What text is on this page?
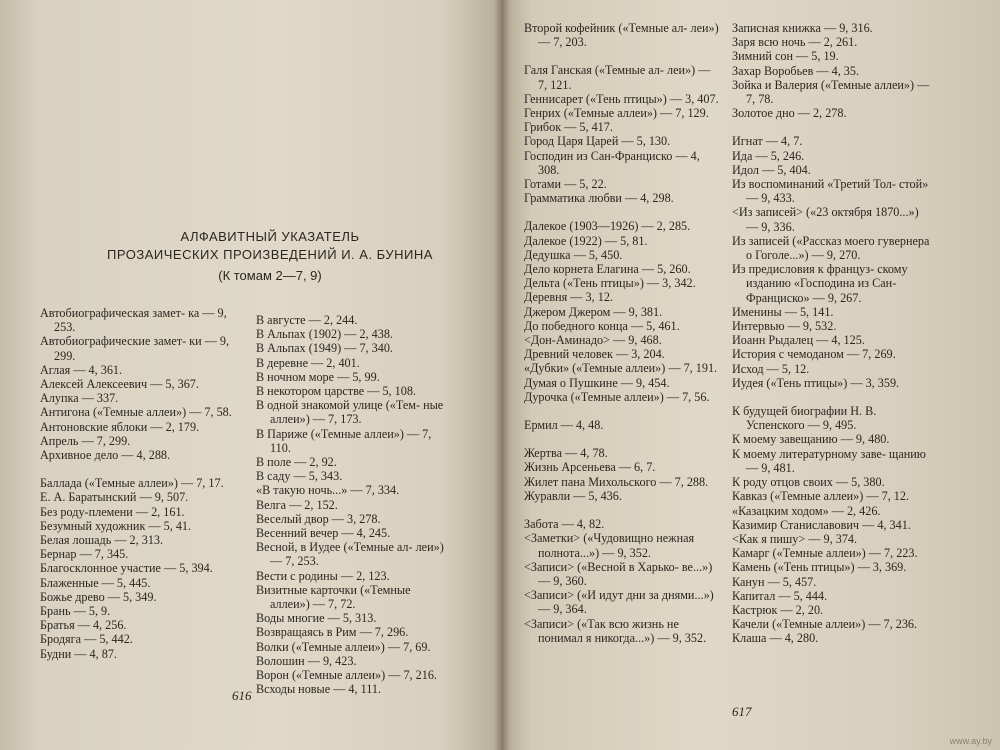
АЛФАВИТНЫЙ УКАЗАТЕЛЬ
ПРОЗАИЧЕСКИХ ПРОИЗВЕДЕНИЙ И. А. БУНИНА
(К томам 2—7, 9)
Автобиографическая замет- ка — 9, 253.
Автобиографические замет- ки — 9, 299.
Аглая — 4, 361.
Алексей Алексеевич — 5, 367.
Алупка — 337.
Антигона («Темные аллеи») — 7, 58.
Антоновские яблоки — 2, 179.
Апрель — 7, 299.
Архивное дело — 4, 288.
Баллада («Темные аллеи») — 7, 17.
Е. А. Баратынский — 9, 507.
Без роду-племени — 2, 161.
Безумный художник — 5, 41.
Белая лошадь — 2, 313.
Бернар — 7, 345.
Благосклонное участие — 5, 394.
Блаженные — 5, 445.
Божье древо — 5, 349.
Брань — 5, 9.
Братья — 4, 256.
Бродяга — 5, 442.
Будни — 4, 87.
В августе — 2, 244.
В Альпах (1902) — 2, 438.
В Альпах (1949) — 7, 340.
В деревне — 2, 401.
В ночном море — 5, 99.
В некотором царстве — 5, 108.
В одной знакомой улице («Тем- ные аллеи») — 7, 173.
В Париже («Темные аллеи») — 7, 110.
В поле — 2, 92.
В саду — 5, 343.
«В такую ночь...» — 7, 334.
Велга — 2, 152.
Веселый двор — 3, 278.
Весенний вечер — 4, 245.
Весной, в Иудее («Темные ал- леи») — 7, 253.
Вести с родины — 2, 123.
Визитные карточки («Темные аллеи») — 7, 72.
Воды многие — 5, 313.
Возвращаясь в Рим — 7, 296.
Волки («Темные аллеи») — 7, 69.
Волошин — 9, 423.
Ворон («Темные аллеи») — 7, 216.
Всходы новые — 4, 111.
616
Второй кофейник («Темные ал- леи») — 7, 203.
Галя Ганская («Темные ал- леи») — 7, 121.
Геннисарет («Тень птицы») — 3, 407.
Генрих («Темные аллеи») — 7, 129.
Грибок — 5, 417.
Город Царя Царей — 5, 130.
Господин из Сан-Франциско — 4, 308.
Готами — 5, 22.
Грамматика любви — 4, 298.
Далекое (1903—1926) — 2, 285.
Далекое (1922) — 5, 81.
Дедушка — 5, 450.
Дело корнета Елагина — 5, 260.
Дельта («Тень птицы») — 3, 342.
Деревня — 3, 12.
Джером Джером — 9, 381.
До победного конца — 5, 461.
<Дон-Аминадо> — 9, 468.
Древний человек — 3, 204.
«Дубки» («Темные аллеи») — 7, 191.
Думая о Пушкине — 9, 454.
Дурочка («Темные аллеи») — 7, 56.
Ермил — 4, 48.
Жертва — 4, 78.
Жизнь Арсеньева — 6, 7.
Жилет пана Михольского — 7, 288.
Журавли — 5, 436.
Забота — 4, 82.
<Заметки> («Чудовищно нежная полнота...») — 9, 352.
<Записи> («Весной в Харько- ве...») — 9, 360.
<Записи> («И идут дни за днями...») — 9, 364.
<Записи> («Так всю жизнь не понимал я никогда...») — 9, 352.
Записная книжка — 9, 316.
Заря всю ночь — 2, 261.
Зимний сон — 5, 19.
Захар Воробьев — 4, 35.
Зойка и Валерия («Темные аллеи») — 7, 78.
Золотое дно — 2, 278.
Игнат — 4, 7.
Ида — 5, 246.
Идол — 5, 404.
Из воспоминаний «Третий Тол- стой» — 9, 433.
<Из записей> («23 октября 1870...») — 9, 336.
Из записей («Рассказ моего гувернера о Гоголе...») — 9, 270.
Из предисловия к француз- скому изданию «Господина из Сан-Франциско» — 9, 267.
Именины — 5, 141.
Интервью — 9, 532.
Иоанн Рыдалец — 4, 125.
История с чемоданом — 7, 269.
Исход — 5, 12.
Иудея («Тень птицы») — 3, 359.
К будущей биографии Н. В. Успенского — 9, 495.
К моему завещанию — 9, 480.
К моему литературному заве- щанию — 9, 481.
К роду отцов своих — 5, 380.
Кавказ («Темные аллеи») — 7, 12.
«Казацким ходом» — 2, 426.
Казимир Станиславович — 4, 341.
<Как я пишу> — 9, 374.
Камарг («Темные аллеи») — 7, 223.
Камень («Тень птицы») — 3, 369.
Канун — 5, 457.
Капитал — 5, 444.
Кастрюк — 2, 20.
Качели («Темные аллеи») — 7, 236.
Клаша — 4, 280.
617
www.ay.by
